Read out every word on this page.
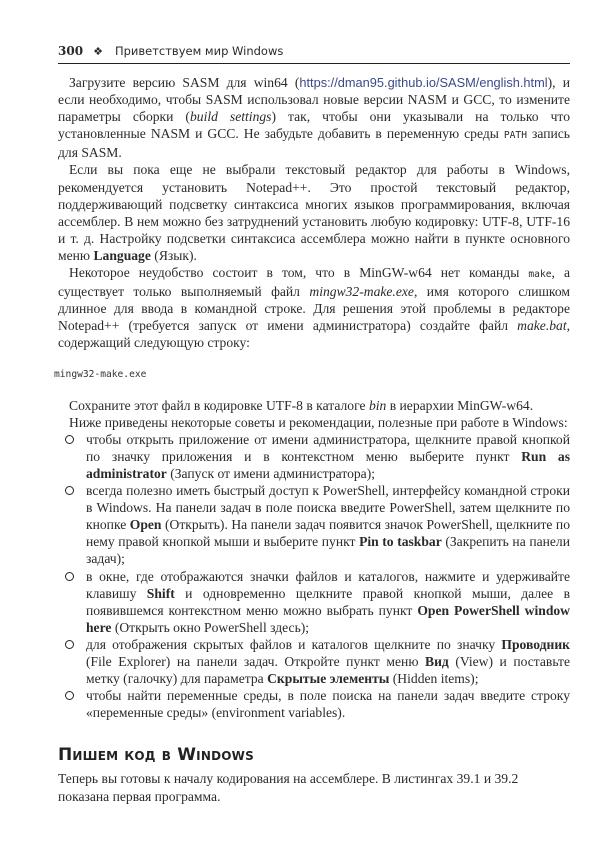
300 ❖ Приветствуем мир Windows

Загрузите версию SASM для win64 (https://dman95.github.io/SASM/english.html), и если необходимо, чтобы SASM использовал новые версии NASM и GCC, то измените параметры сборки (build settings) так, чтобы они указывали на только что установленные NASM и GCC. Не забудьте добавить в переменную среды PATH запись для SASM.

Если вы пока еще не выбрали текстовый редактор для работы в Windows, рекомендуется установить Notepad++. Это простой текстовый редактор, поддерживающий подсветку синтаксиса многих языков программирования, включая ассемблер. В нем можно без затруднений установить любую кодировку: UTF-8, UTF-16 и т. д. Настройку подсветки синтаксиса ассемблера можно найти в пункте основного меню Language (Язык).

Некоторое неудобство состоит в том, что в MinGW-w64 нет команды make, а существует только выполняемый файл mingw32-make.exe, имя которого слишком длинное для ввода в командной строке. Для решения этой проблемы в редакторе Notepad++ (требуется запуск от имени администратора) создайте файл make.bat, содержащий следующую строку:

mingw32-make.exe

Сохраните этот файл в кодировке UTF-8 в каталоге bin в иерархии MinGW-w64.

Ниже приведены некоторые советы и рекомендации, полезные при работе в Windows:

чтобы открыть приложение от имени администратора, щелкните правой кнопкой по значку приложения и в контекстном меню выберите пункт Run as administrator (Запуск от имени администратора);
всегда полезно иметь быстрый доступ к PowerShell, интерфейсу командной строки в Windows. На панели задач в поле поиска введите PowerShell, затем щелкните по кнопке Open (Открыть). На панели задач появится значок PowerShell, щелкните по нему правой кнопкой мыши и выберите пункт Pin to taskbar (Закрепить на панели задач);
в окне, где отображаются значки файлов и каталогов, нажмите и удерживайте клавишу Shift и одновременно щелкните правой кнопкой мыши, далее в появившемся контекстном меню можно выбрать пункт Open PowerShell window here (Открыть окно PowerShell здесь);
для отображения скрытых файлов и каталогов щелкните по значку Проводник (File Explorer) на панели задач. Откройте пункт меню Вид (View) и поставьте метку (галочку) для параметра Скрытые элементы (Hidden items);
чтобы найти переменные среды, в поле поиска на панели задач введите строку «переменные среды» (environment variables).
Пишем код в Windows

Теперь вы готовы к началу кодирования на ассемблере. В листингах 39.1 и 39.2 показана первая программа.
